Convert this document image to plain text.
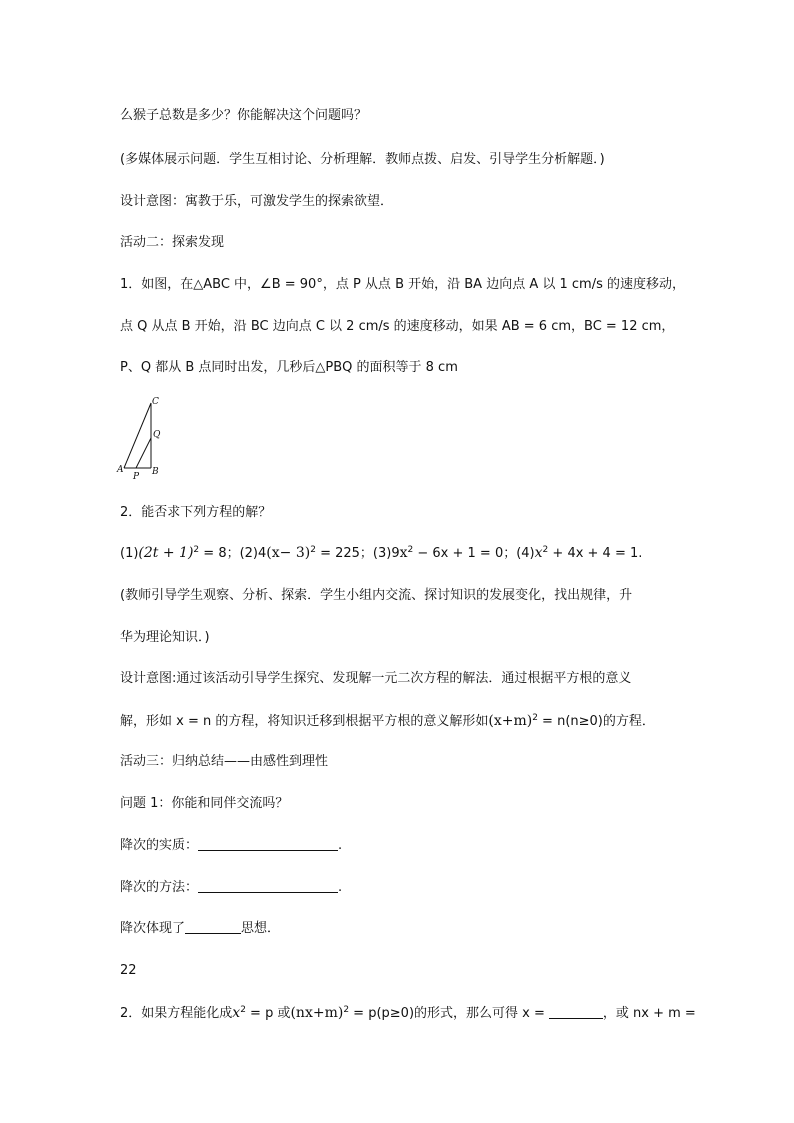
么猴子总数是多少？你能解决这个问题吗？
(多媒体展示问题．学生互相讨论、分析理解．教师点拨、启发、引导学生分析解题．)
设计意图：寓教于乐，可激发学生的探索欲望．
活动二：探索发现
1．如图，在△ABC 中，∠B = 90°，点 P 从点 B 开始，沿 BA 边向点 A 以 1 cm/s 的速度移动，
点 Q 从点 B 开始，沿 BC 边向点 C 以 2 cm/s 的速度移动，如果 AB = 6 cm，BC = 12 cm，
P、Q 都从 B 点同时出发，几秒后△PBQ 的面积等于 8 cm
C
Q
A	B
P
2．能否求下列方程的解？
$(1)(2t + 1)^2 = 8$；$(2)4(x- 3)^2 = 225$；$(3)9x^2 - 6x + 1 = 0$；$(4)x^2 + 4x + 4 = 1$.
(教师引导学生观察、分析、探索．学生小组内交流、探讨知识的发展变化，找出规律，升
华为理论知识．)
设计意图:通过该活动引导学生探究、发现解一元二次方程的解法．通过根据平方根的意义
解，形如 x = n 的方程，将知识迁移到根据平方根的意义解形如$(x+m)^2 = n(n\ge 0)$的方程．
活动三：归纳总结——由感性到理性
问题 1：你能和同伴交流吗？
降次的实质：	.
降次的方法：	.
降次体现了	思想．
22
2．如果方程能化成$x^2 = p$ 或$(nx+m)^2 = p(p\ge 0)$的形式，那么可得 x =	，或 nx + m =
